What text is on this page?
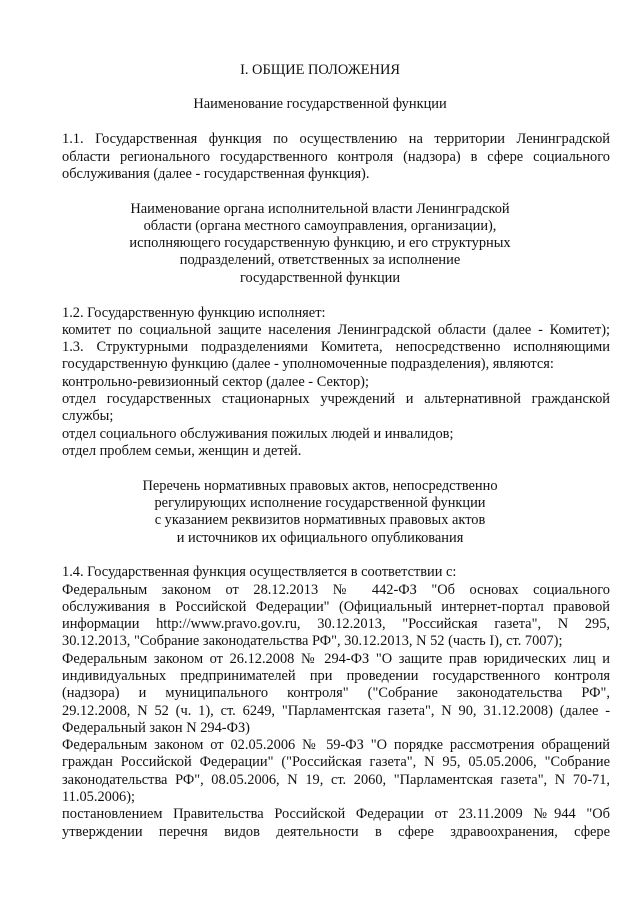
I. ОБЩИЕ ПОЛОЖЕНИЯ
Наименование государственной функции
1.1. Государственная функция по осуществлению на территории Ленинградской
области регионального государственного контроля (надзора) в сфере социального
обслуживания (далее - государственная функция).
Наименование органа исполнительной власти Ленинградской
области (органа местного самоуправления, организации),
исполняющего государственную функцию, и его структурных
подразделений, ответственных за исполнение
государственной функции
1.2. Государственную функцию исполняет:
комитет по социальной защите населения Ленинградской области (далее - Комитет);
1.3. Структурными подразделениями Комитета, непосредственно исполняющими
государственную функцию (далее - уполномоченные подразделения), являются:
контрольно-ревизионный сектор (далее - Сектор);
отдел государственных стационарных учреждений и альтернативной гражданской
службы;
отдел социального обслуживания пожилых людей и инвалидов;
отдел проблем семьи, женщин и детей.
Перечень нормативных правовых актов, непосредственно
регулирующих исполнение государственной функции
с указанием реквизитов нормативных правовых актов
и источников их официального опубликования
1.4. Государственная функция осуществляется в соответствии с:
Федеральным законом от 28.12.2013 № 442-ФЗ "Об основах социального
обслуживания в Российской Федерации" (Официальный интернет-портал правовой
информации http://www.pravo.gov.ru, 30.12.2013, "Российская газета", N 295,
30.12.2013, "Собрание законодательства РФ", 30.12.2013, N 52 (часть I), ст. 7007);
Федеральным законом от 26.12.2008 № 294-ФЗ "О защите прав юридических лиц и
индивидуальных предпринимателей при проведении государственного контроля
(надзора) и муниципального контроля" ("Собрание законодательства РФ",
29.12.2008, N 52 (ч. 1), ст. 6249, "Парламентская газета", N 90, 31.12.2008) (далее -
Федеральный закон N 294-ФЗ)
Федеральным законом от 02.05.2006 № 59-ФЗ "О порядке рассмотрения обращений
граждан Российской Федерации" ("Российская газета", N 95, 05.05.2006, "Собрание
законодательства РФ", 08.05.2006, N 19, ст. 2060, "Парламентская газета", N 70-71,
11.05.2006);
постановлением Правительства Российской Федерации от 23.11.2009 №944 "Об
утверждении перечня видов деятельности в сфере здравоохранения, сфере
